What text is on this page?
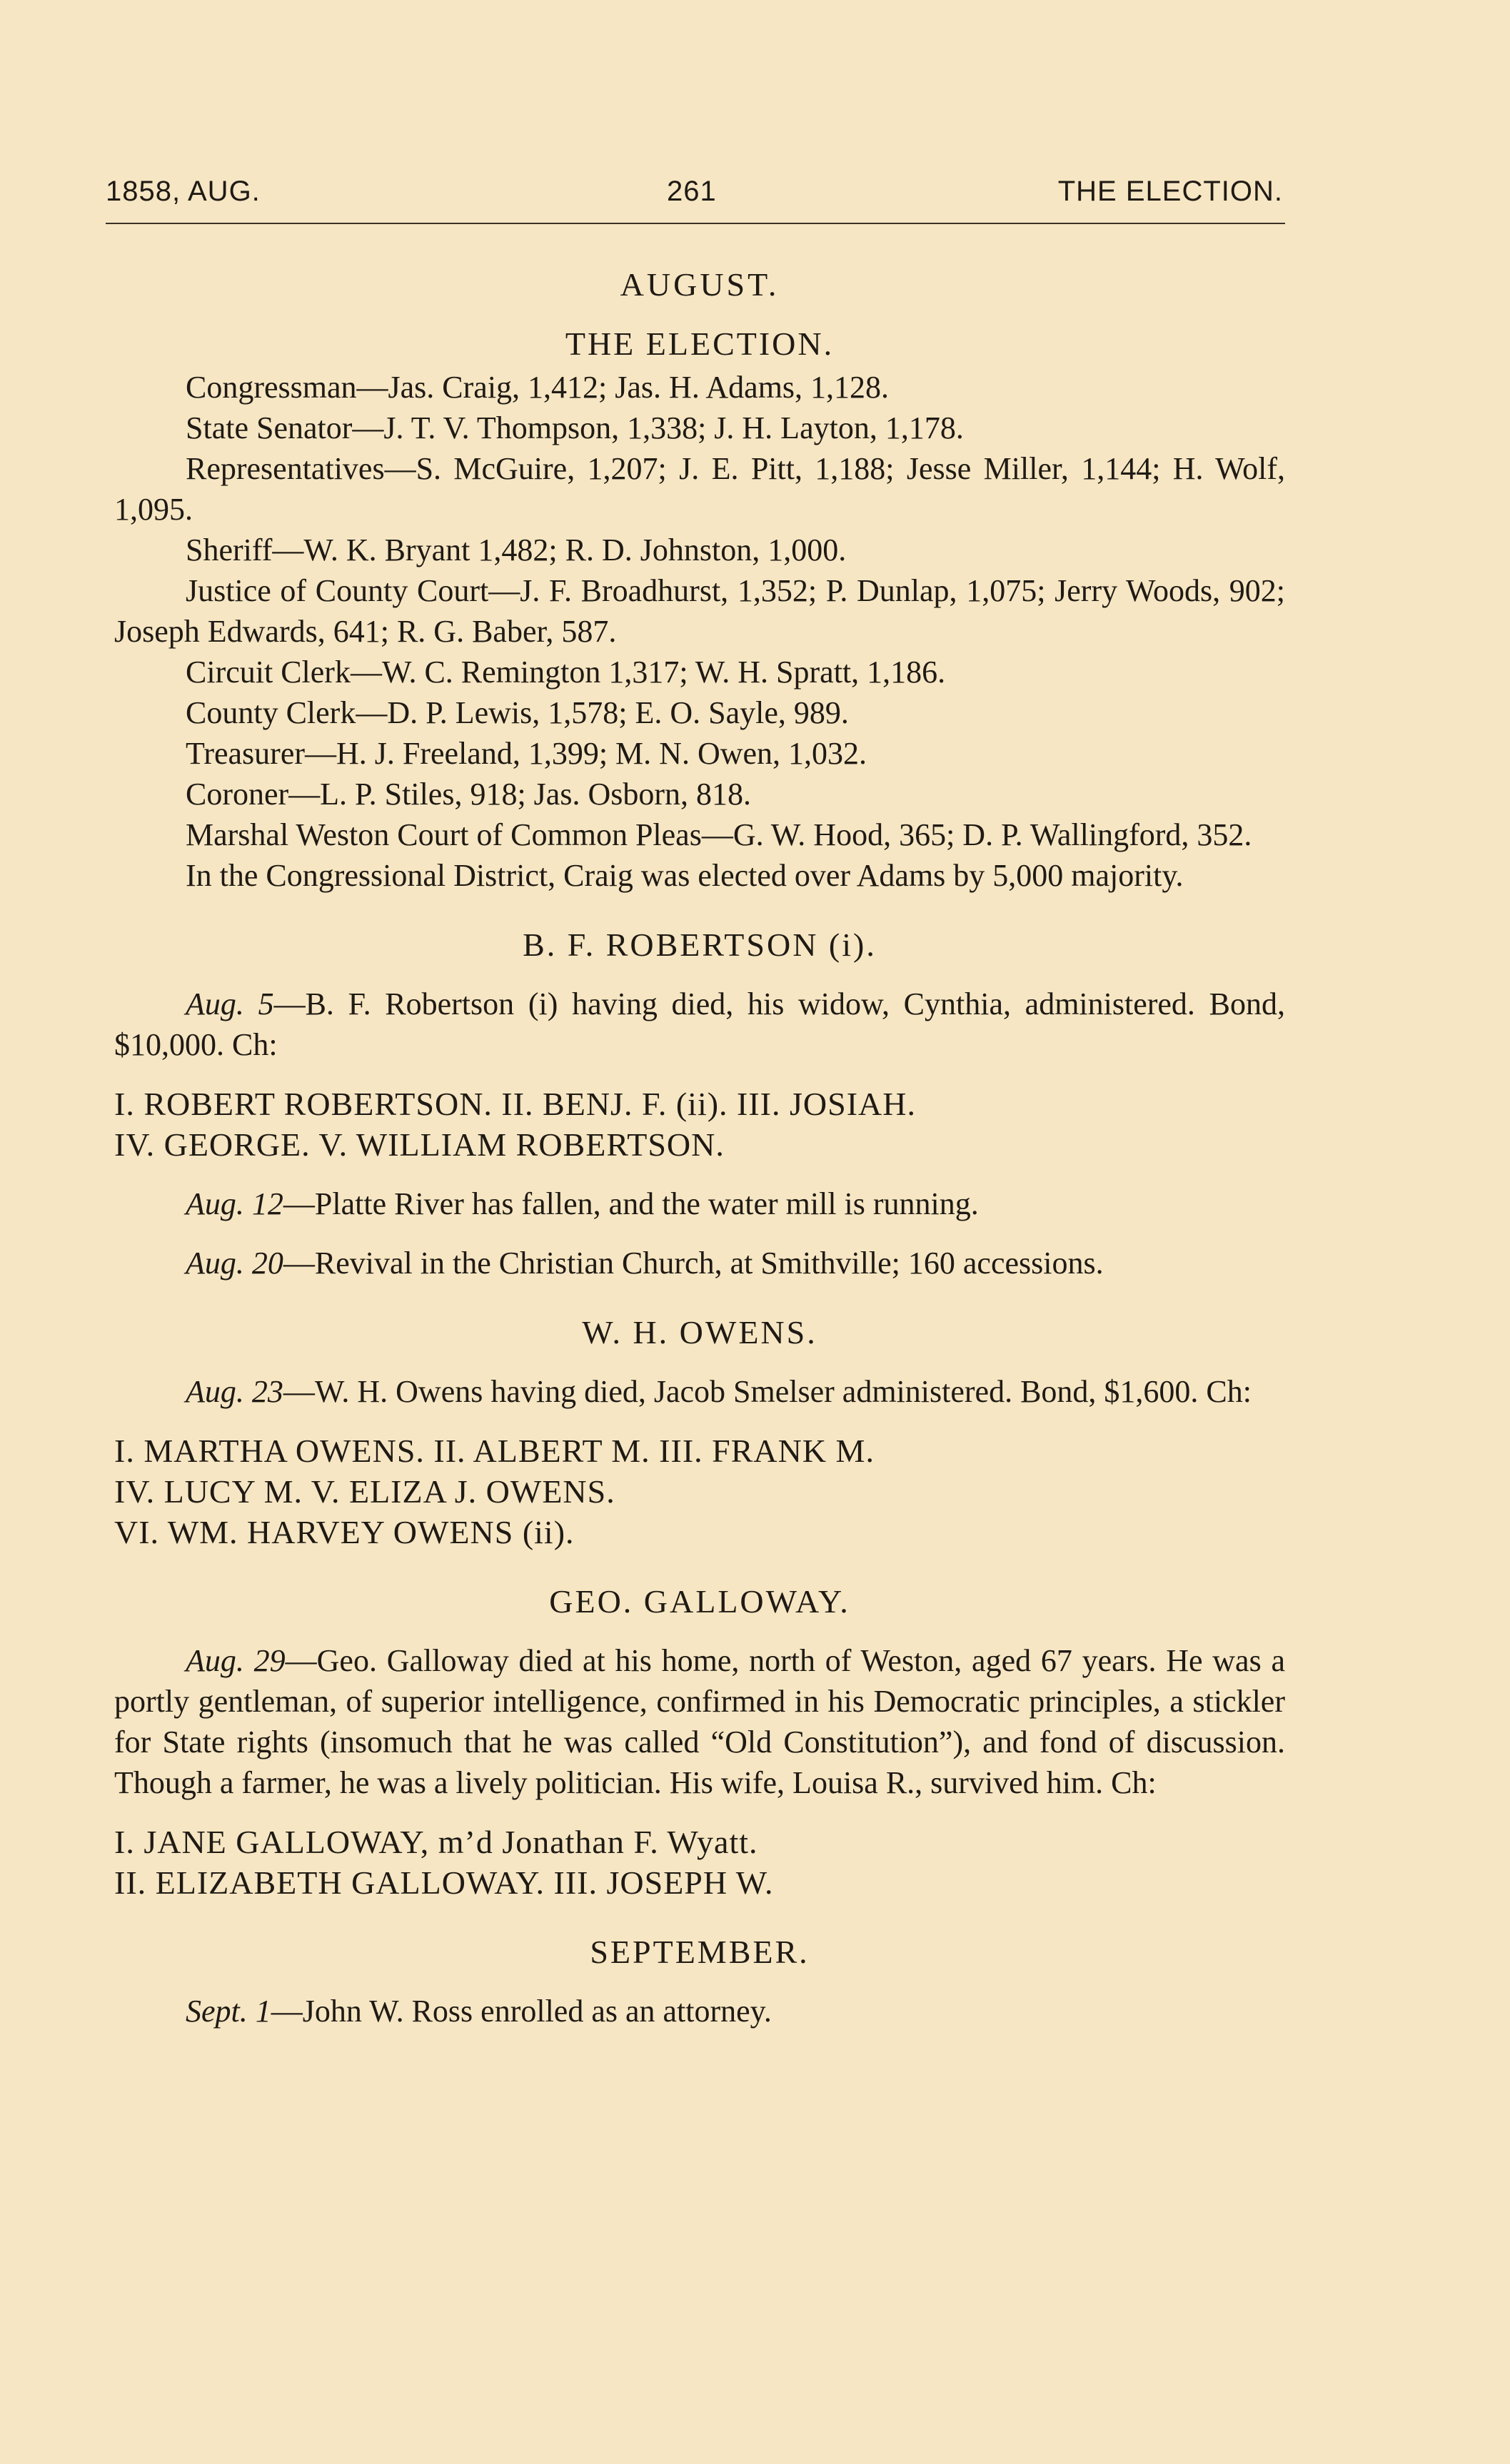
1858, AUG.	261	THE ELECTION.
AUGUST.
THE ELECTION.

Congressman—Jas. Craig, 1,412; Jas. H. Adams, 1,128.

State Senator—J. T. V. Thompson, 1,338; J. H. Layton, 1,178.

Representatives—S. McGuire, 1,207; J. E. Pitt, 1,188; Jesse Miller, 1,144; H. Wolf, 1,095.

Sheriff—W. K. Bryant 1,482; R. D. Johnston, 1,000.

Justice of County Court—J. F. Broadhurst, 1,352; P. Dunlap, 1,075; Jerry Woods, 902; Joseph Edwards, 641; R. G. Baber, 587.

Circuit Clerk—W. C. Remington 1,317; W. H. Spratt, 1,186.

County Clerk—D. P. Lewis, 1,578; E. O. Sayle, 989.

Treasurer—H. J. Freeland, 1,399; M. N. Owen, 1,032.

Coroner—L. P. Stiles, 918; Jas. Osborn, 818.

Marshal Weston Court of Common Pleas—G. W. Hood, 365; D. P. Wallingford, 352.

In the Congressional District, Craig was elected over Adams by 5,000 majority.

B. F. ROBERTSON (i).

Aug. 5—B. F. Robertson (i) having died, his widow, Cynthia, administered. Bond, $10,000. Ch:

I. ROBERT ROBERTSON. II. BENJ. F. (ii). III. JOSIAH.
IV. GEORGE. V. WILLIAM ROBERTSON.

Aug. 12—Platte River has fallen, and the water mill is running.

Aug. 20—Revival in the Christian Church, at Smithville; 160 accessions.

W. H. OWENS.

Aug. 23—W. H. Owens having died, Jacob Smelser administered. Bond, $1,600. Ch:

I. MARTHA OWENS. II. ALBERT M. III. FRANK M.
IV. LUCY M. V. ELIZA J. OWENS.
VI. WM. HARVEY OWENS (ii).
GEO. GALLOWAY.

Aug. 29—Geo. Galloway died at his home, north of Weston, aged 67 years. He was a portly gentleman, of superior intelligence, confirmed in his Democratic principles, a stickler for State rights (insomuch that he was called “Old Constitution”), and fond of discussion. Though a farmer, he was a lively politician. His wife, Louisa R., survived him. Ch:

I. JANE GALLOWAY, m’d Jonathan F. Wyatt.
II. ELIZABETH GALLOWAY. III. JOSEPH W.
SEPTEMBER.

Sept. 1—John W. Ross enrolled as an attorney.
